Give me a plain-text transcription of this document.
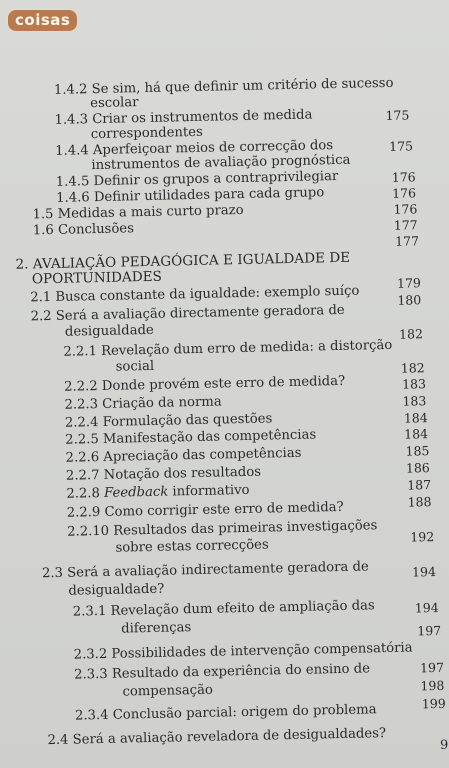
coisas
1.4.2 Se sim, há que definir um critério de sucesso
escolar
1.4.3 Criar os instrumentos de medida
correspondentes
1.4.4 Aperfeiçoar meios de correcção dos
instrumentos de avaliação prognóstica
1.4.5 Definir os grupos a contraprivilegiar
1.4.6 Definir utilidades para cada grupo
1.5 Medidas a mais curto prazo
1.6 Conclusões
2. AVALIAÇÃO PEDAGÓGICA E IGUALDADE DE
OPORTUNIDADES
2.1 Busca constante da igualdade: exemplo suíço
2.2 Será a avaliação directamente geradora de
desigualdade
2.2.1 Revelação dum erro de medida: a distorção
social
2.2.2 Donde provém este erro de medida?
2.2.3 Criação da norma
2.2.4 Formulação das questões
2.2.5 Manifestação das competências
2.2.6 Apreciação das competências
2.2.7 Notação dos resultados
2.2.8 Feedback informativo
2.2.9 Como corrigir este erro de medida?
2.2.10 Resultados das primeiras investigações
sobre estas correcções
2.3 Será a avaliação indirectamente geradora de
desigualdade?
2.3.1 Revelação dum efeito de ampliação das
diferenças
2.3.2 Possibilidades de intervenção compensatória
2.3.3 Resultado da experiência do ensino de
compensação
2.3.4 Conclusão parcial: origem do problema
2.4 Será a avaliação reveladora de desigualdades?
175
175
176
176
176
177
177
179
180
182
182
183
183
184
184
185
186
187
188
192
194
194
197
197
198
199
9
